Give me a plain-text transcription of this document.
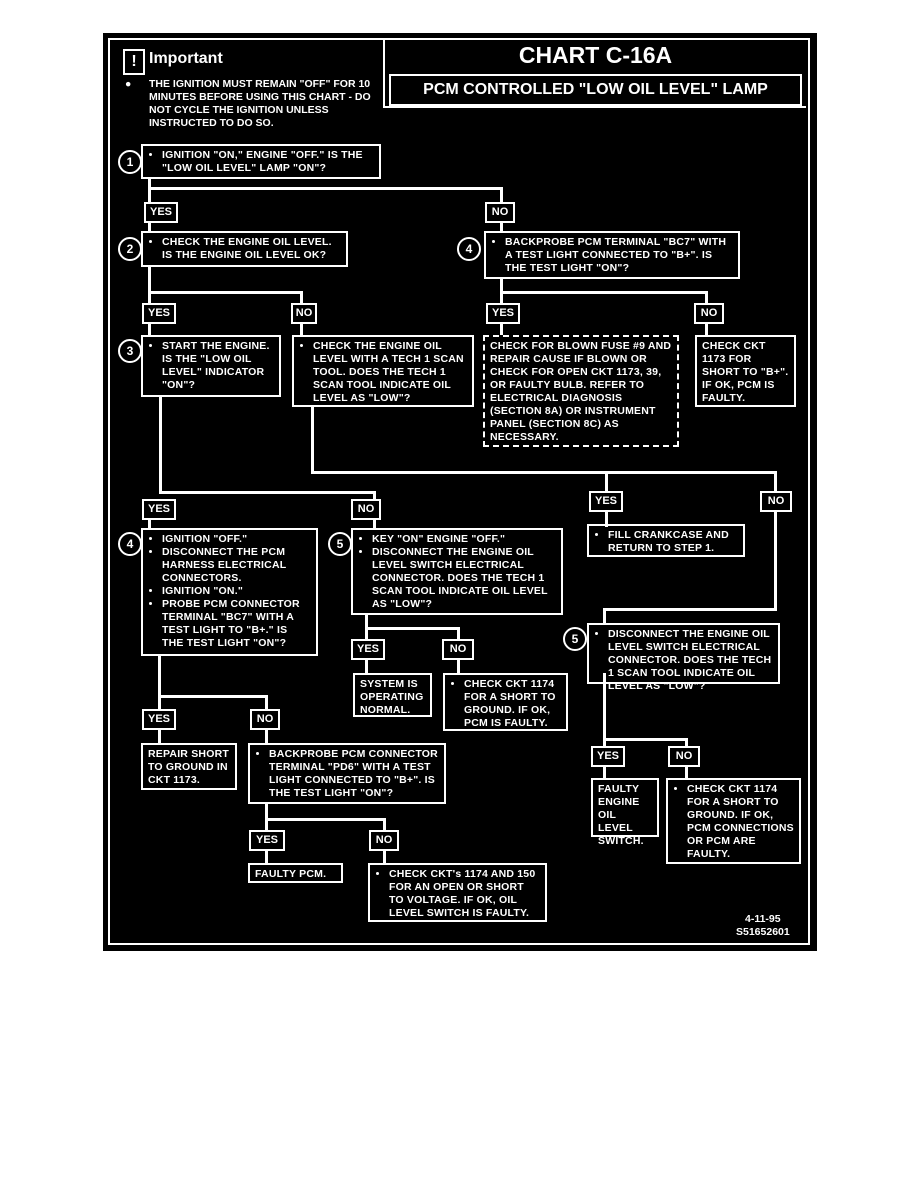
! Important
● THE IGNITION MUST REMAIN "OFF" FOR 10 MINUTES BEFORE USING THIS CHART - DO NOT CYCLE THE IGNITION UNLESS INSTRUCTED TO DO SO.
CHART C-16A
PCM CONTROLLED "LOW OIL LEVEL" LAMP
1
2	4
3
4	5
5
• IGNITION "ON," ENGINE "OFF." IS THE "LOW OIL LEVEL" LAMP "ON"?
• CHECK THE ENGINE OIL LEVEL. IS THE ENGINE OIL LEVEL OK?
• BACKPROBE PCM TERMINAL "BC7" WITH A TEST LIGHT CONNECTED TO "B+". IS THE TEST LIGHT "ON"?
• START THE ENGINE. IS THE "LOW OIL LEVEL" INDICATOR "ON"?
• CHECK THE ENGINE OIL LEVEL WITH A TECH 1 SCAN TOOL. DOES THE TECH 1 SCAN TOOL INDICATE OIL LEVEL AS "LOW"?
CHECK FOR BLOWN FUSE #9 AND REPAIR CAUSE IF BLOWN OR CHECK FOR OPEN CKT 1173, 39, OR FAULTY BULB. REFER TO ELECTRICAL DIAGNOSIS (SECTION 8A) OR INSTRUMENT PANEL (SECTION 8C) AS NECESSARY.
CHECK CKT 1173 FOR SHORT TO "B+". IF OK, PCM IS FAULTY.
• IGNITION "OFF."
• DISCONNECT THE PCM HARNESS ELECTRICAL CONNECTORS.
• IGNITION "ON."
• PROBE PCM CONNECTOR TERMINAL "BC7" WITH A TEST LIGHT TO "B+." IS THE TEST LIGHT "ON"?
• KEY "ON" ENGINE "OFF."
• DISCONNECT THE ENGINE OIL LEVEL SWITCH ELECTRICAL CONNECTOR. DOES THE TECH 1 SCAN TOOL INDICATE OIL LEVEL AS "LOW"?
• FILL CRANKCASE AND RETURN TO STEP 1.
SYSTEM IS OPERATING NORMAL.
• CHECK CKT 1174 FOR A SHORT TO GROUND. IF OK, PCM IS FAULTY.
• DISCONNECT THE ENGINE OIL LEVEL SWITCH ELECTRICAL CONNECTOR. DOES THE TECH 1 SCAN TOOL INDICATE OIL LEVEL AS "LOW"?
REPAIR SHORT TO GROUND IN CKT 1173.
• BACKPROBE PCM CONNECTOR TERMINAL "PD6" WITH A TEST LIGHT CONNECTED TO "B+". IS THE TEST LIGHT "ON"?	FAULTY ENGINE OIL LEVEL SWITCH.
• CHECK CKT 1174 FOR A SHORT TO GROUND. IF OK, PCM CONNECTIONS OR PCM ARE FAULTY.
FAULTY PCM.
•	CHECK CKT's 1174 AND 150 FOR AN OPEN OR SHORT TO VOLTAGE. IF OK, OIL LEVEL SWITCH IS FAULTY.
YES	NO
YES	NO	YES	NO
YES	NO
YES	NO
YES	NO
YES	NO
YES	NO
YES	NO
4-11-95
S51652601
